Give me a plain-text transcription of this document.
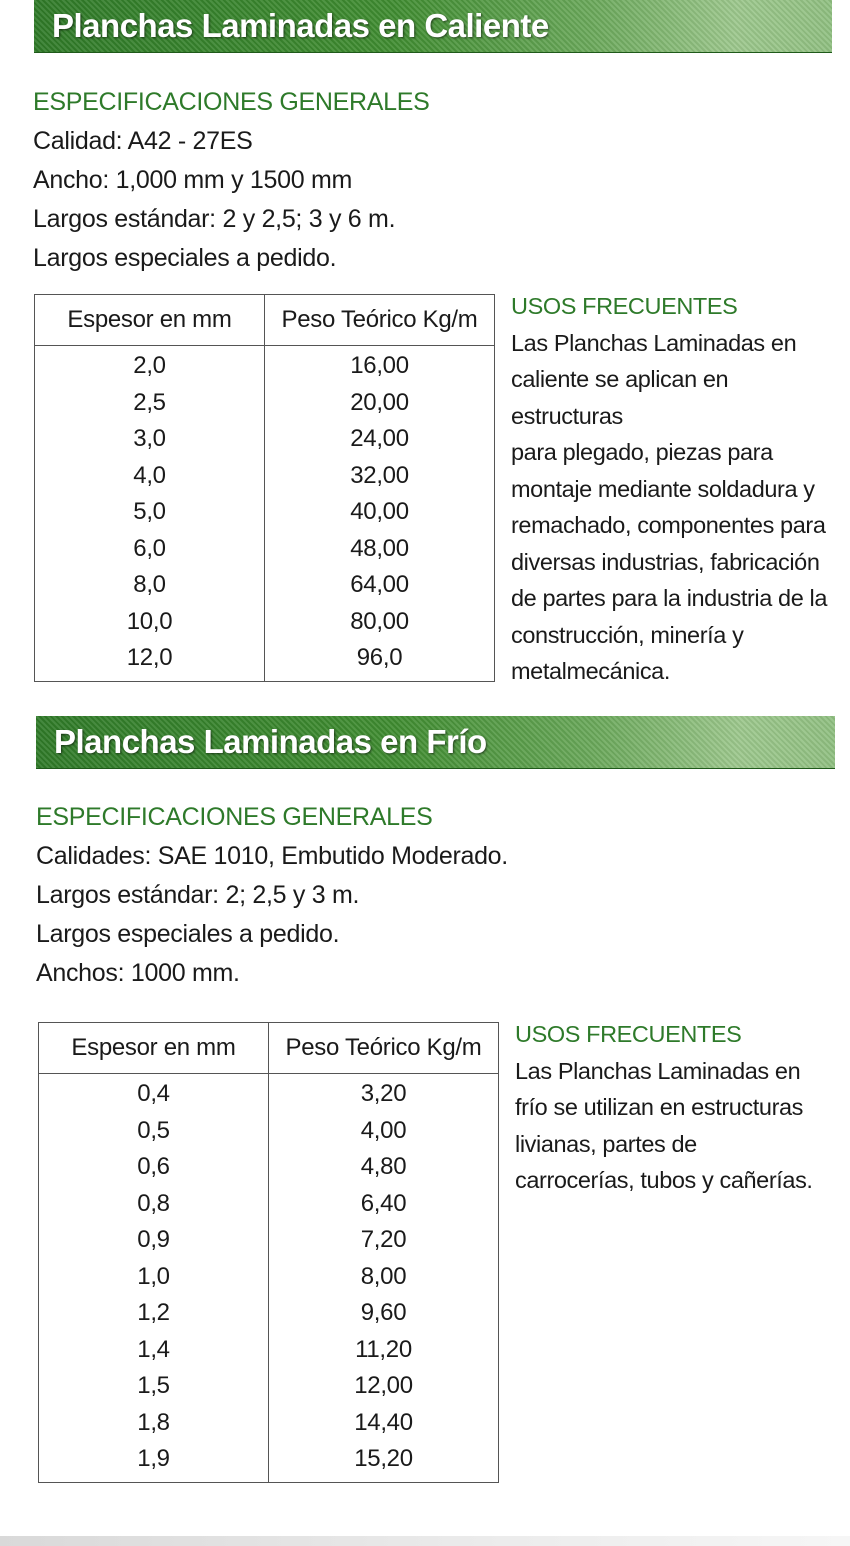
Planchas Laminadas en Caliente
ESPECIFICACIONES GENERALES
Calidad: A42 - 27ES
Ancho: 1,000 mm y 1500 mm
Largos estándar: 2 y 2,5; 3 y 6 m.
Largos especiales a pedido.
Espesor en mm	Peso Teórico Kg/m
2,0	16,00
2,5	20,00
3,0	24,00
4,0	32,00
5,0	40,00
6,0	48,00
8,0	64,00
10,0	80,00
12,0	96,0
USOS FRECUENTES
Las Planchas Laminadas en
caliente se aplican en estructuras
para plegado, piezas para
montaje mediante soldadura y
remachado, componentes para
diversas industrias, fabricación
de partes para la industria de la
construcción, minería y
metalmecánica.
Planchas Laminadas en Frío
ESPECIFICACIONES GENERALES
Calidades: SAE 1010, Embutido Moderado.
Largos estándar: 2; 2,5 y 3 m.
Largos especiales a pedido.
Anchos: 1000 mm.
Espesor en mm	Peso Teórico Kg/m
0,4	3,20
0,5	4,00
0,6	4,80
0,8	6,40
0,9	7,20
1,0	8,00
1,2	9,60
1,4	11,20
1,5	12,00
1,8	14,40
1,9	15,20
USOS FRECUENTES
Las Planchas Laminadas en
frío se utilizan en estructuras
livianas, partes de
carrocerías, tubos y cañerías.
